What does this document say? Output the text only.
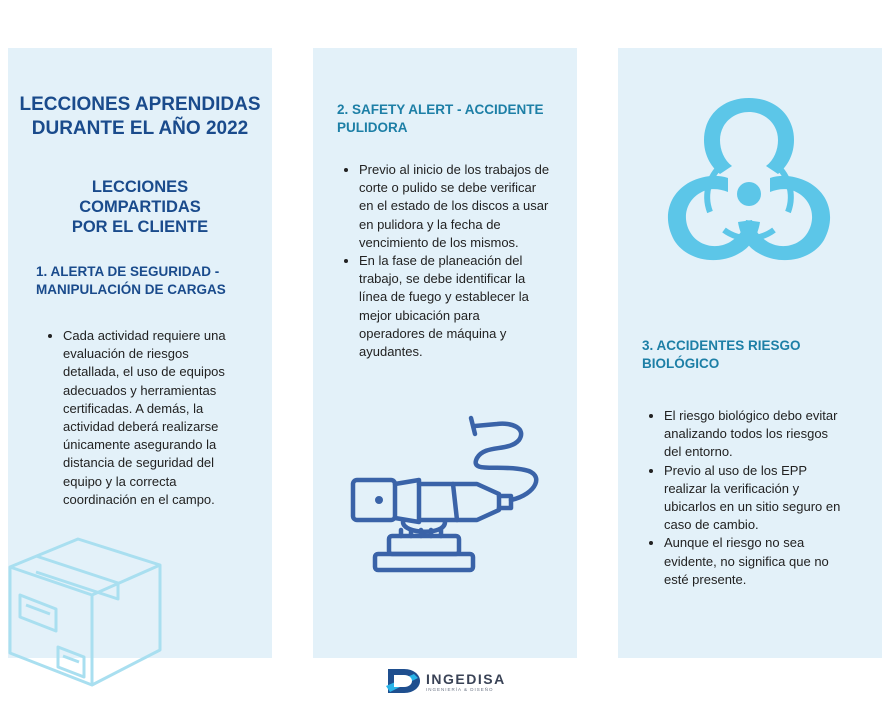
LECCIONES APRENDIDAS
DURANTE EL AÑO 2022
LECCIONES
COMPARTIDAS
POR EL CLIENTE
1. ALERTA DE SEGURIDAD -
MANIPULACIÓN DE CARGAS
Cada actividad requiere una
evaluación de riesgos
detallada, el uso de equipos
adecuados y herramientas
certificadas. A demás, la
actividad deberá realizarse
únicamente asegurando la
distancia de seguridad del
equipo y la correcta
coordinación en el campo.
2. SAFETY ALERT - ACCIDENTE
PULIDORA
Previo al inicio de los trabajos de
corte o pulido se debe verificar
en el estado de los discos a usar
en pulidora y la fecha de
vencimiento de los mismos.
En la fase de planeación del
trabajo, se debe identificar la
línea de fuego y establecer la
mejor ubicación para
operadores de máquina y
ayudantes.	3. ACCIDENTES RIESGO
BIOLÓGICO
El riesgo biológico debo evitar
analizando todos los riesgos
del entorno.
Previo al uso de los EPP
realizar la verificación y
ubicarlos en un sitio seguro en
caso de cambio.
Aunque el riesgo no sea
evidente, no significa que no
esté presente.
INGEDISA
INGENIERÍA & DISEÑO
